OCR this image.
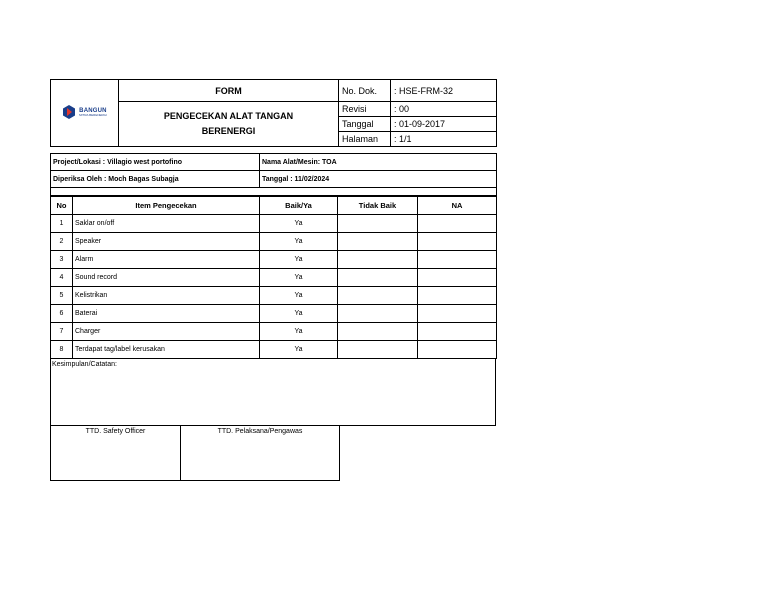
BANGUN
MITRA BERENERGI	FORM	No. Dok.	: HSE-FRM-32

	PENGECEKAN ALAT TANGAN
BERENERGI	Revisi	: 00
		Tanggal	: 01-09-2017
		Halaman	: 1/1
Project/Lokasi : Villagio west portofino	Nama Alat/Mesin: TOA
Diperiksa Oleh : Moch Bagas Subagja	Tanggal : 11/02/2024

No	Item Pengecekan	Baik/Ya	Tidak Baik	NA
1	Saklar on/off	Ya		
2	Speaker	Ya		
3	Alarm	Ya		
4	Sound record	Ya		
5	Kelistrikan	Ya		
6	Baterai	Ya		
7	Charger	Ya		
8	Terdapat tag/label kerusakan	Ya		
Kesimpulan/Catatan:
TTD. Safety Officer	TTD. Pelaksana/Pengawas
